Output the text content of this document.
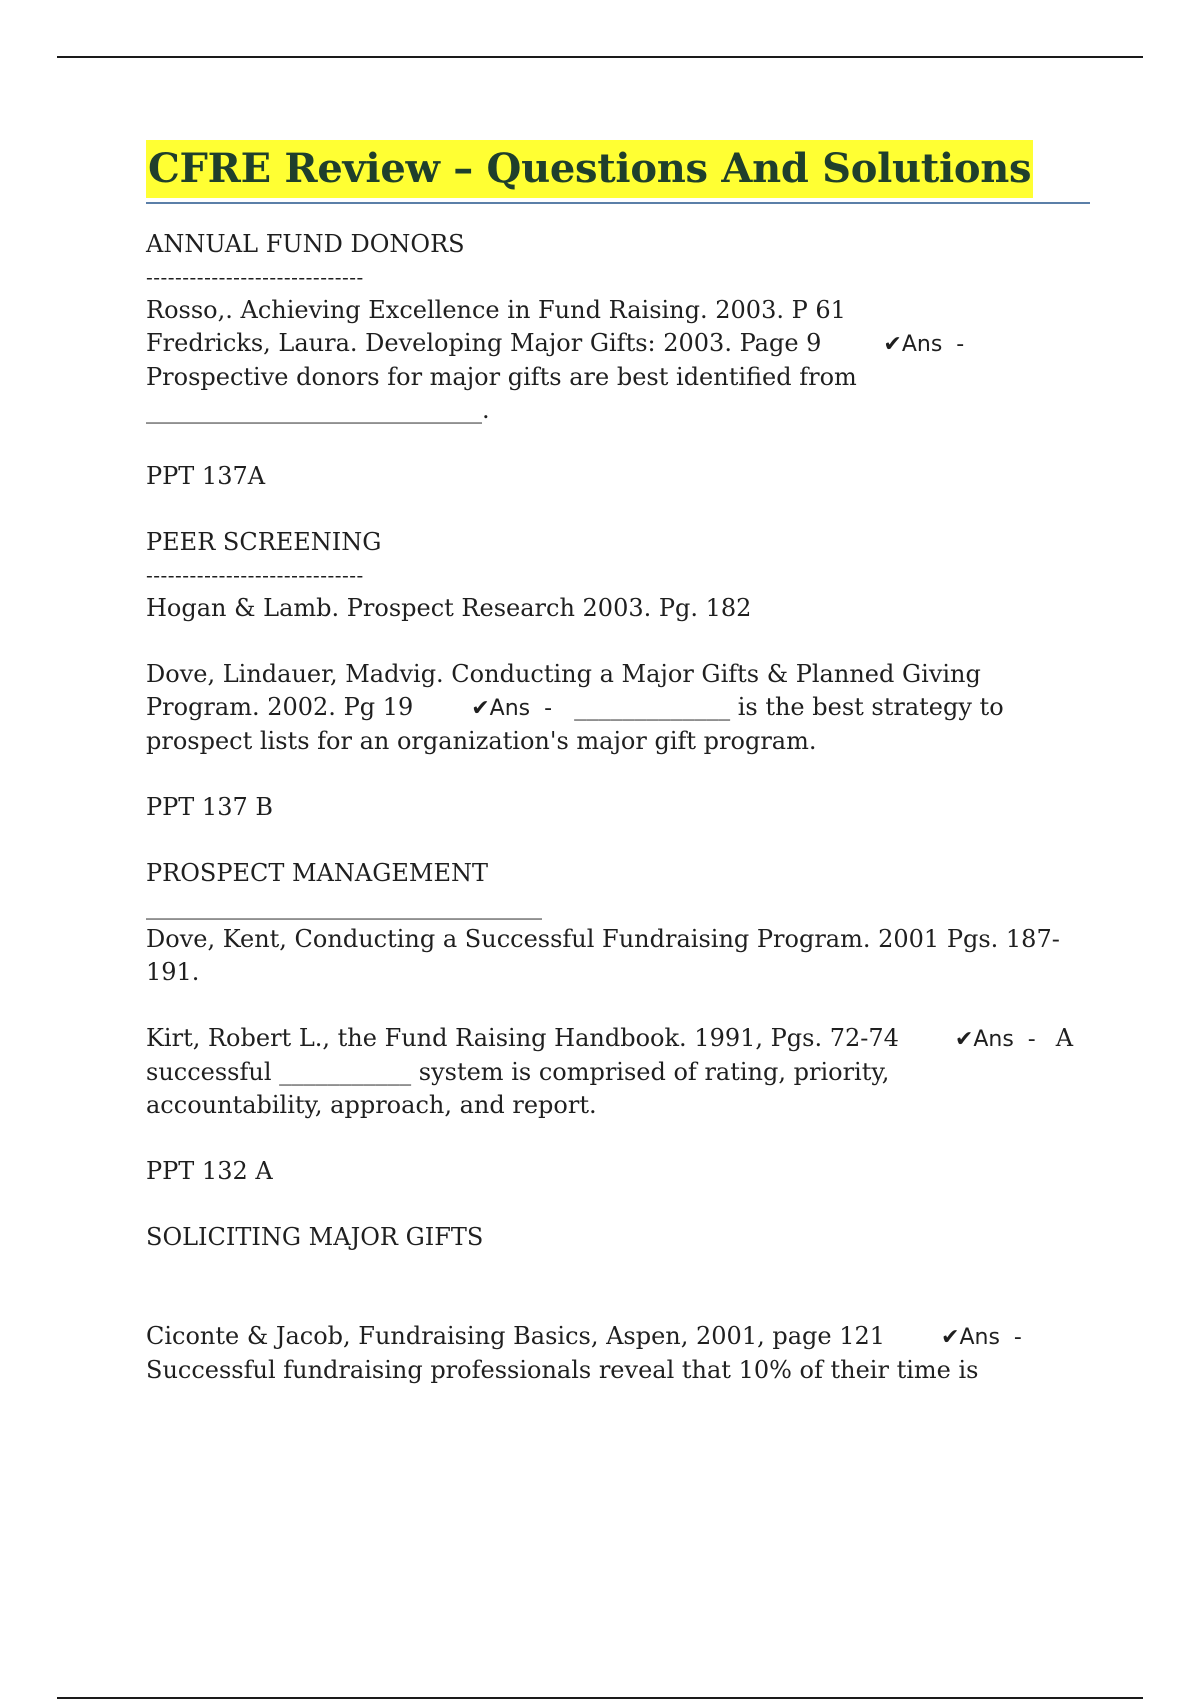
CFRE Review – Questions And Solutions

ANNUAL FUND DONORS

------------------------------

Rosso,. Achieving Excellence in Fund Raising. 2003. P 61

Fredricks, Laura. Developing Major Gifts: 2003. Page 9	✔Ans  -

Prospective donors for major gifts are best identified from

____________________________.

PPT 137A

PEER SCREENING

------------------------------

Hogan & Lamb. Prospect Research 2003. Pg. 182

Dove, Lindauer, Madvig. Conducting a Major Gifts & Planned Giving

Program. 2002. Pg 19	✔Ans  - _____________ is the best strategy to

prospect lists for an organization's major gift program.

PPT 137 B

PROSPECT MANAGEMENT

_________________________________

Dove, Kent, Conducting a Successful Fundraising Program. 2001 Pgs. 187-

191.

Kirt, Robert L., the Fund Raising Handbook. 1991, Pgs. 72-74	✔Ans  - A

successful ___________ system is comprised of rating, priority,

accountability, approach, and report.

PPT 132 A

SOLICITING MAJOR GIFTS

Ciconte & Jacob, Fundraising Basics, Aspen, 2001, page 121	✔Ans  -

Successful fundraising professionals reveal that 10% of their time is
